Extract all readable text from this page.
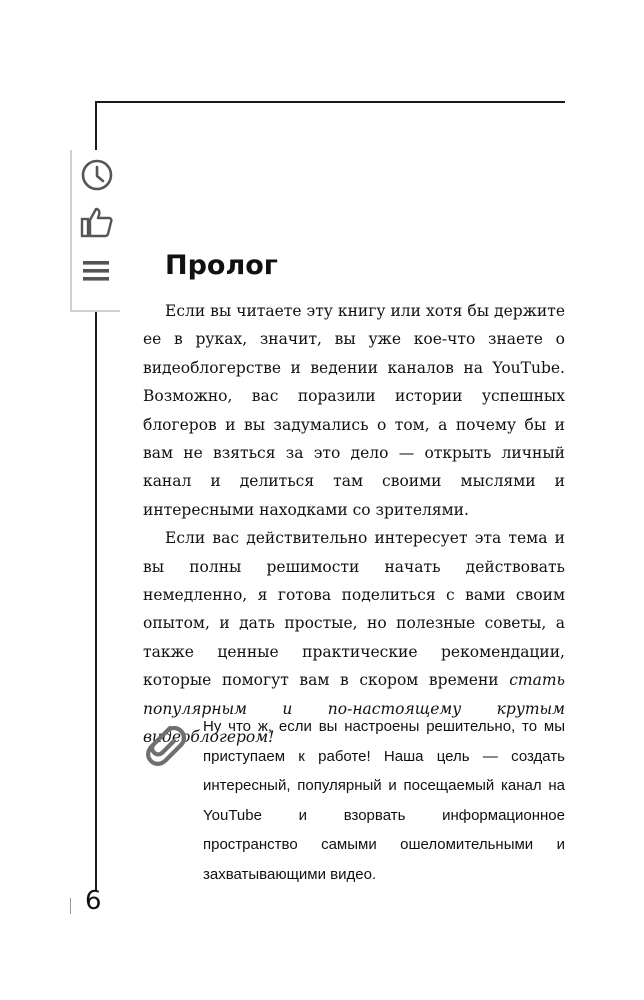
Пролог

Если вы читаете эту книгу или хотя бы держите ее в руках, значит, вы уже кое-что знаете о видеоблогерстве и ведении каналов на YouTube. Возможно, вас поразили истории успешных блогеров и вы задумались о том, а почему бы и вам не взяться за это дело — открыть личный канал и делиться там своими мыслями и интересными находками со зрителями.

Если вас действительно интересует эта тема и вы полны решимости начать действовать немедленно, я готова поделиться с вами своим опытом, и дать простые, но полезные советы, а также ценные практические рекомендации, которые помогут вам в скором времени стать популярным и по-настоящему крутым видеоблогером!

Ну что ж, если вы настроены решительно, то мы приступаем к работе! Наша цель — создать интересный, популярный и посещаемый канал на YouTube и взорвать информационное пространство самыми ошеломительными и захватывающими видео.

6
